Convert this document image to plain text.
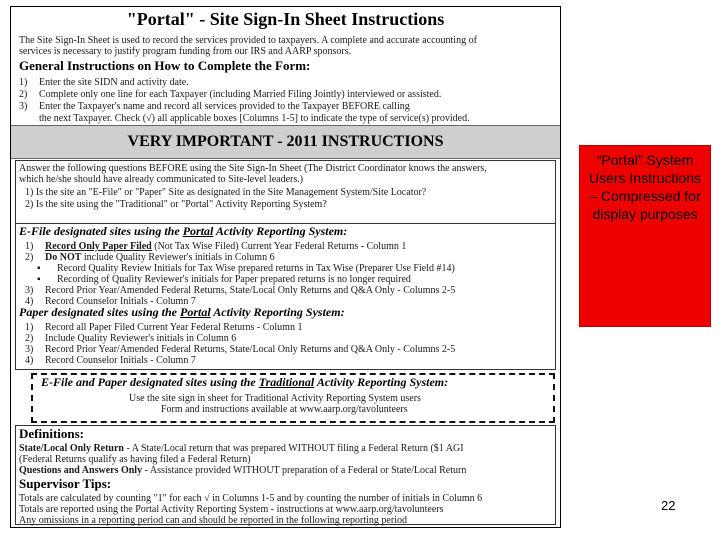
"Portal" - Site Sign-In Sheet Instructions
The Site Sign-In Sheet is used to record the services provided to taxpayers. A complete and accurate accounting of
services is necessary to justify program funding from our IRS and AARP sponsors.
General Instructions on How to Complete the Form:
1) Enter the site SIDN and activity date.
2) Complete only one line for each Taxpayer (including Married Filing Jointly) interviewed or assisted.
3) Enter the Taxpayer's name and record all services provided to the Taxpayer BEFORE calling
the next Taxpayer. Check (√) all applicable boxes [Columns 1-5] to indicate the type of service(s) provided.
VERY IMPORTANT - 2011 INSTRUCTIONS
Answer the following questions BEFORE using the Site Sign-In Sheet (The District Coordinator knows the answers,
which he/she should have already communicated to Site-level leaders.)
1) Is the site an "E-File" or "Paper" Site as designated in the Site Management System/Site Locator?
2) Is the site using the "Traditional" or "Portal" Activity Reporting System?
E-File designated sites using the Portal Activity Reporting System:
1) Record Only Paper Filed (Not Tax Wise Filed) Current Year Federal Returns - Column 1
2) Do NOT include Quality Reviewer's initials in Column 6
▪ Record Quality Review Initials for Tax Wise prepared returns in Tax Wise (Preparer Use Field #14)
▪ Recording of Quality Reviewer's initials for Paper prepared returns is no longer required
3) Record Prior Year/Amended Federal Returns, State/Local Only Returns and Q&A Only - Columns 2-5
4) Record Counselor Initials - Column 7
Paper designated sites using the Portal Activity Reporting System:
1) Record all Paper Filed Current Year Federal Returns - Column 1
2) Include Quality Reviewer's initials in Column 6
3) Record Prior Year/Amended Federal Returns, State/Local Only Returns and Q&A Only - Columns 2-5
4) Record Counselor Initials - Column 7
E-File and Paper designated sites using the Traditional Activity Reporting System:
Use the site sign in sheet for Traditional Activity Reporting System users
Form and instructions available at www.aarp.org/tavolunteers
Definitions:
State/Local Only Return - A State/Local return that was prepared WITHOUT filing a Federal Return ($1 AGI
(Federal Returns qualify as having filed a Federal Return)
Questions and Answers Only - Assistance provided WITHOUT preparation of a Federal or State/Local Return
Supervisor Tips:
Totals are calculated by counting "1" for each √ in Columns 1-5 and by counting the number of initials in Column 6
Totals are reported using the Portal Activity Reporting System - instructions at www.aarp.org/tavolunteers
Any omissions in a reporting period can and should be reported in the following reporting period
“Portal” System Users Instructions – Compressed for display purposes
22
